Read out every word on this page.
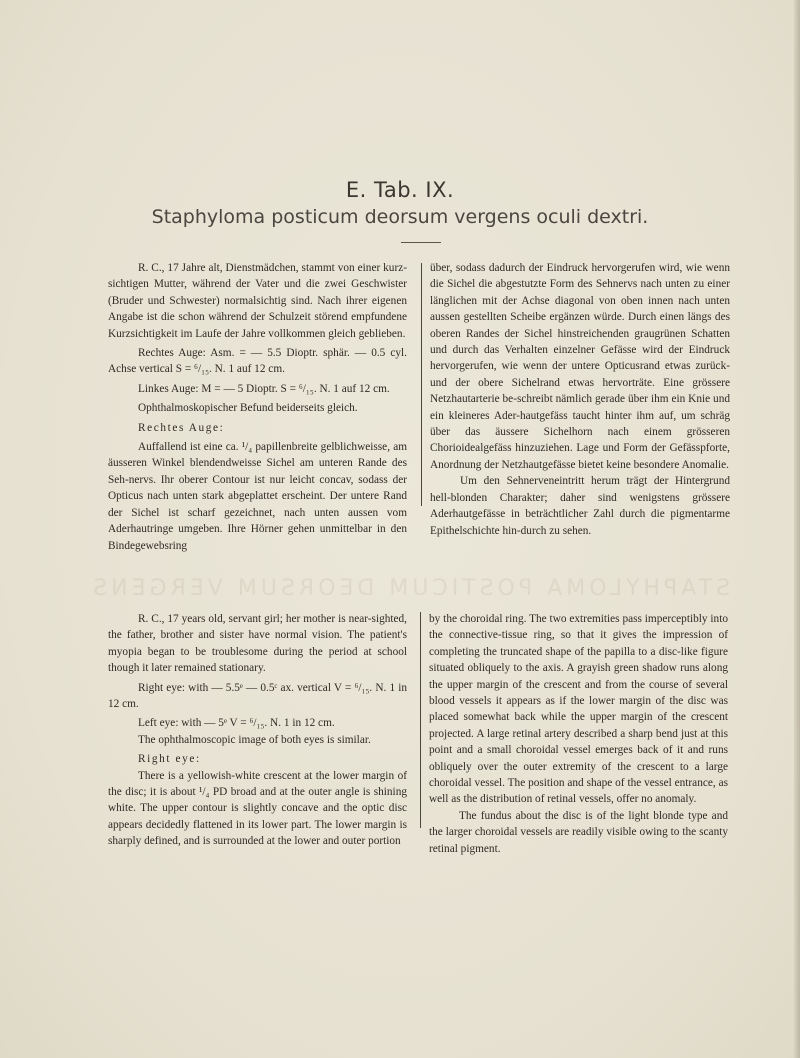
E. Tab. IX.
Staphyloma posticum deorsum vergens oculi dextri.

R. C., 17 Jahre alt, Dienstmädchen, stammt von einer kurz-sichtigen Mutter, während der Vater und die zwei Geschwister (Bruder und Schwester) normalsichtig sind. Nach ihrer eigenen Angabe ist die schon während der Schulzeit störend empfundene Kurzsichtigkeit im Laufe der Jahre vollkommen gleich geblieben.

Rechtes Auge: Asm. = — 5.5 Dioptr. sphär. — 0.5 cyl. Achse vertical S = ⁶/₁₅. N. 1 auf 12 cm.

Linkes Auge: M = — 5 Dioptr. S = ⁶/₁₅. N. 1 auf 12 cm.

Ophthalmoskopischer Befund beiderseits gleich.

Rechtes Auge:

Auffallend ist eine ca. ¹/₄ papillenbreite gelblichweisse, am äusseren Winkel blendendweisse Sichel am unteren Rande des Seh-nervs. Ihr oberer Contour ist nur leicht concav, sodass der Opticus nach unten stark abgeplattet erscheint. Der untere Rand der Sichel ist scharf gezeichnet, nach unten aussen vom Aderhautringe umgeben. Ihre Hörner gehen unmittelbar in den Bindegewebsring

über, sodass dadurch der Eindruck hervorgerufen wird, wie wenn die Sichel die abgestutzte Form des Sehnervs nach unten zu einer länglichen mit der Achse diagonal von oben innen nach unten aussen gestellten Scheibe ergänzen würde. Durch einen längs des oberen Randes der Sichel hinstreichenden graugrünen Schatten und durch das Verhalten einzelner Gefässe wird der Eindruck hervorgerufen, wie wenn der untere Opticusrand etwas zurück- und der obere Sichelrand etwas hervorträte. Eine grössere Netzhautarterie be-schreibt nämlich gerade über ihm ein Knie und ein kleineres Ader-hautgefäss taucht hinter ihm auf, um schräg über das äussere Sichelhorn nach einem grösseren Chorioidealgefäss hinzuziehen. Lage und Form der Gefässpforte, Anordnung der Netzhautgefässe bietet keine besondere Anomalie.

Um den Sehnerveneintritt herum trägt der Hintergrund hell-blonden Charakter; daher sind wenigstens grössere Aderhautgefässe in beträchtlicher Zahl durch die pigmentarme Epithelschichte hin-durch zu sehen.

STAPHYLOMA POSTICUM DEORSUM VERGENS

R. C., 17 years old, servant girl; her mother is near-sighted, the father, brother and sister have normal vision. The patient's myopia began to be troublesome during the period at school though it later remained stationary.

Right eye: with — 5.5ᵉ — 0.5ᶜ ax. vertical V = ⁶/₁₅. N. 1 in 12 cm.

Left eye: with — 5ᵉ V = ⁶/₁₅. N. 1 in 12 cm.

The ophthalmoscopic image of both eyes is similar.

Right eye:

There is a yellowish-white crescent at the lower margin of the disc; it is about ¹/₄ PD broad and at the outer angle is shining white. The upper contour is slightly concave and the optic disc appears decidedly flattened in its lower part. The lower margin is sharply defined, and is surrounded at the lower and outer portion

by the choroidal ring. The two extremities pass imperceptibly into the connective-tissue ring, so that it gives the impression of completing the truncated shape of the papilla to a disc-like figure situated obliquely to the axis. A grayish green shadow runs along the upper margin of the crescent and from the course of several blood vessels it appears as if the lower margin of the disc was placed somewhat back while the upper margin of the crescent projected. A large retinal artery described a sharp bend just at this point and a small choroidal vessel emerges back of it and runs obliquely over the outer extremity of the crescent to a large choroidal vessel. The position and shape of the vessel entrance, as well as the distribution of retinal vessels, offer no anomaly.

The fundus about the disc is of the light blonde type and the larger choroidal vessels are readily visible owing to the scanty retinal pigment.
